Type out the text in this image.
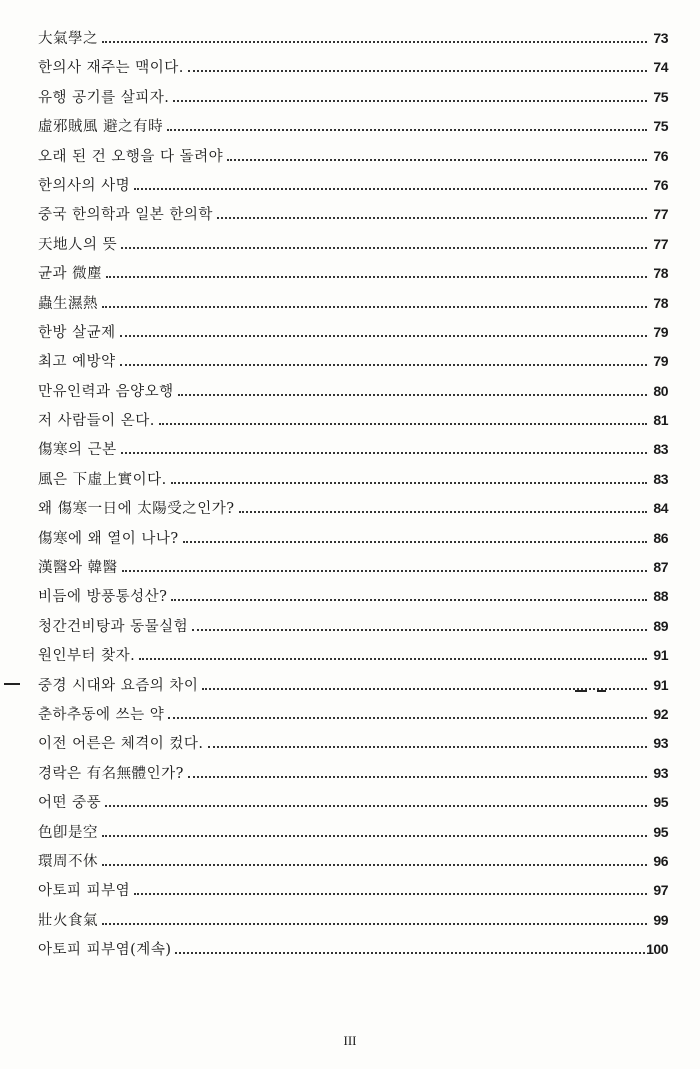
大氣學之	73
한의사 재주는 맥이다.	74
유행 공기를 살피자.	75
虛邪賊風 避之有時	75
오래 된 건 오행을 다 돌려야	76
한의사의 사명	76
중국 한의학과 일본 한의학	77
天地人의 뜻	77
균과 微塵	78
蟲生濕熱	78
한방 살균제	79
최고 예방약	79
만유인력과 음양오행	80
저 사람들이 온다.	81
傷寒의 근본	83
風은 下虛上實이다.	83
왜 傷寒一日에 太陽受之인가?	84
傷寒에 왜 열이 나나?	86
漢醫와 韓醫	87
비듬에 방풍통성산?	88
청간건비탕과 동물실험	89
원인부터 찾자.	91
중경 시대와 요즘의 차이	91
춘하추동에 쓰는 약	92
이전 어른은 체격이 컸다.	93
경락은 有名無體인가?	93
어떤 중풍	95
色卽是空	95
環周不休	96
아토피 피부염	97
壯火食氣	99
아토피 피부염(계속)	100
III
